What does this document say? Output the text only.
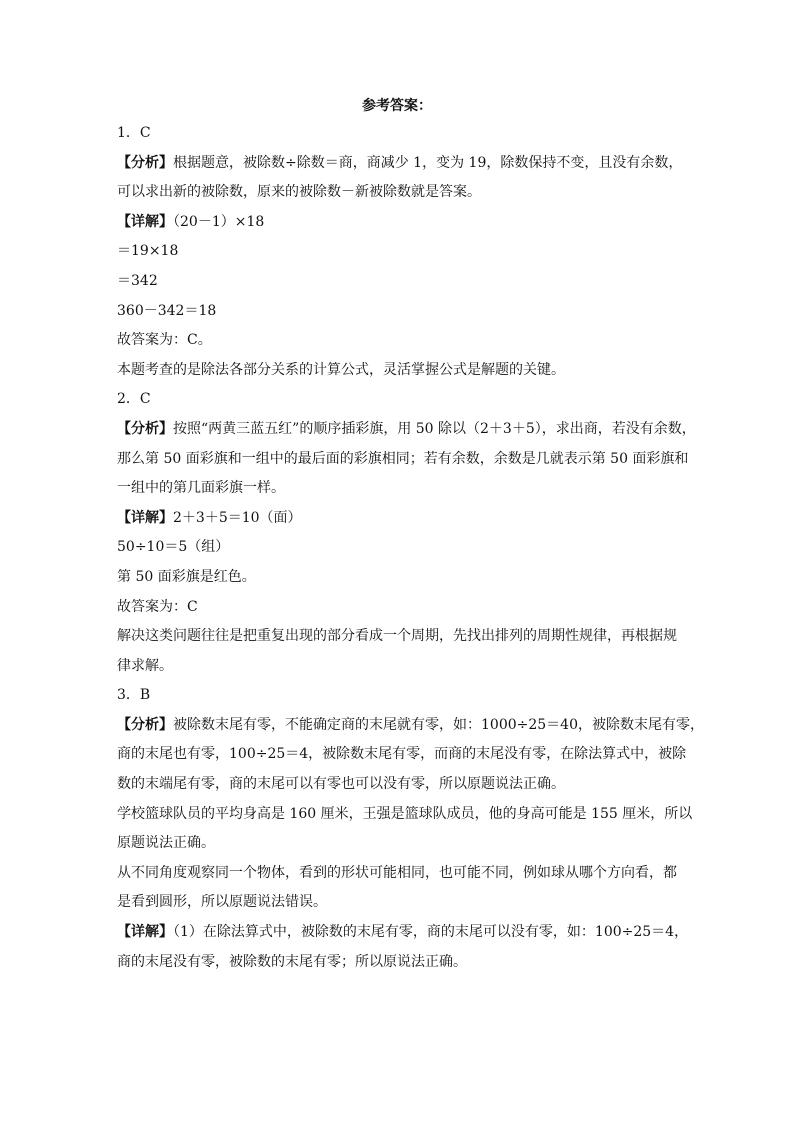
参考答案：
1．C
【分析】根据题意，被除数÷除数＝商，商减少 1，变为 19，除数保持不变，且没有余数，
可以求出新的被除数，原来的被除数－新被除数就是答案。
【详解】（20－1）×18
＝19×18
＝342
360－342＝18
故答案为：C。
本题考查的是除法各部分关系的计算公式，灵活掌握公式是解题的关键。
2．C
【分析】按照“两黄三蓝五红”的顺序插彩旗，用 50 除以（2＋3＋5），求出商，若没有余数，
那么第 50 面彩旗和一组中的最后面的彩旗相同；若有余数，余数是几就表示第 50 面彩旗和
一组中的第几面彩旗一样。
【详解】2＋3＋5＝10（面）
50÷10＝5（组）
第 50 面彩旗是红色。
故答案为：C
解决这类问题往往是把重复出现的部分看成一个周期，先找出排列的周期性规律，再根据规
律求解。
3．B
【分析】被除数末尾有零，不能确定商的末尾就有零，如：1000÷25＝40，被除数末尾有零，
商的末尾也有零，100÷25＝4，被除数末尾有零，而商的末尾没有零，在除法算式中，被除
数的末端尾有零，商的末尾可以有零也可以没有零，所以原题说法正确。
学校篮球队员的平均身高是 160 厘米，王强是篮球队成员，他的身高可能是 155 厘米，所以
原题说法正确。
从不同角度观察同一个物体，看到的形状可能相同，也可能不同，例如球从哪个方向看，都
是看到圆形，所以原题说法错误。
【详解】（1）在除法算式中，被除数的末尾有零，商的末尾可以没有零，如：100÷25＝4，
商的末尾没有零，被除数的末尾有零；所以原说法正确。
